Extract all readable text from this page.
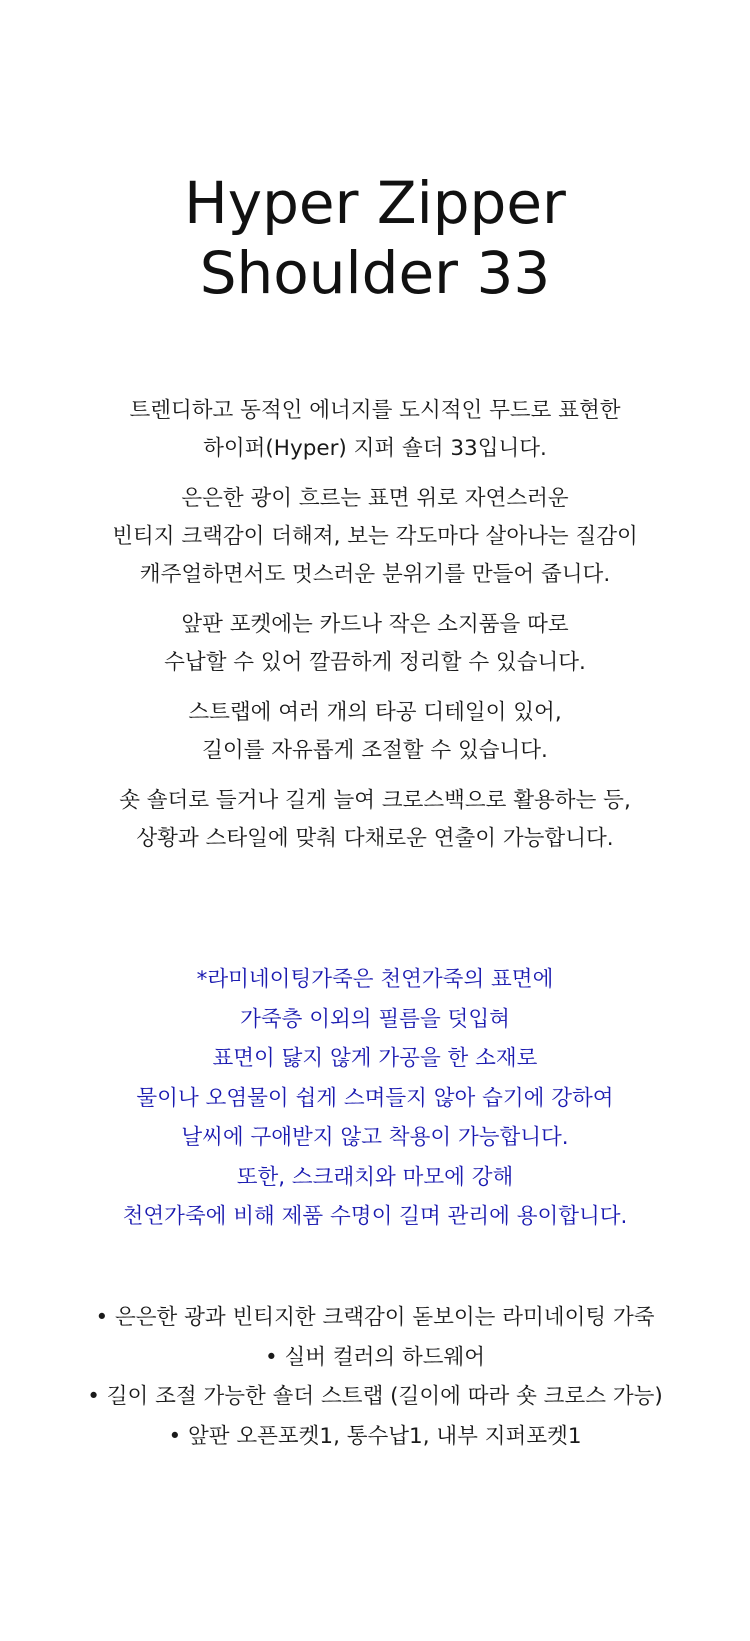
Hyper Zipper
Shoulder 33

트렌디하고 동적인 에너지를 도시적인 무드로 표현한
하이퍼(Hyper) 지퍼 숄더 33입니다.

은은한 광이 흐르는 표면 위로 자연스러운
빈티지 크랙감이 더해져, 보는 각도마다 살아나는 질감이
캐주얼하면서도 멋스러운 분위기를 만들어 줍니다.

앞판 포켓에는 카드나 작은 소지품을 따로
수납할 수 있어 깔끔하게 정리할 수 있습니다.

스트랩에 여러 개의 타공 디테일이 있어,
길이를 자유롭게 조절할 수 있습니다.

숏 숄더로 들거나 길게 늘여 크로스백으로 활용하는 등,
상황과 스타일에 맞춰 다채로운 연출이 가능합니다.

*라미네이팅가죽은 천연가죽의 표면에
가죽층 이외의 필름을 덧입혀
표면이 닳지 않게 가공을 한 소재로
물이나 오염물이 쉽게 스며들지 않아 습기에 강하여
날씨에 구애받지 않고 착용이 가능합니다.
또한, 스크래치와 마모에 강해
천연가죽에 비해 제품 수명이 길며 관리에 용이합니다.
• 은은한 광과 빈티지한 크랙감이 돋보이는 라미네이팅 가죽
• 실버 컬러의 하드웨어
• 길이 조절 가능한 숄더 스트랩 (길이에 따라 숏 크로스 가능)
• 앞판 오픈포켓1, 통수납1, 내부 지퍼포켓1
